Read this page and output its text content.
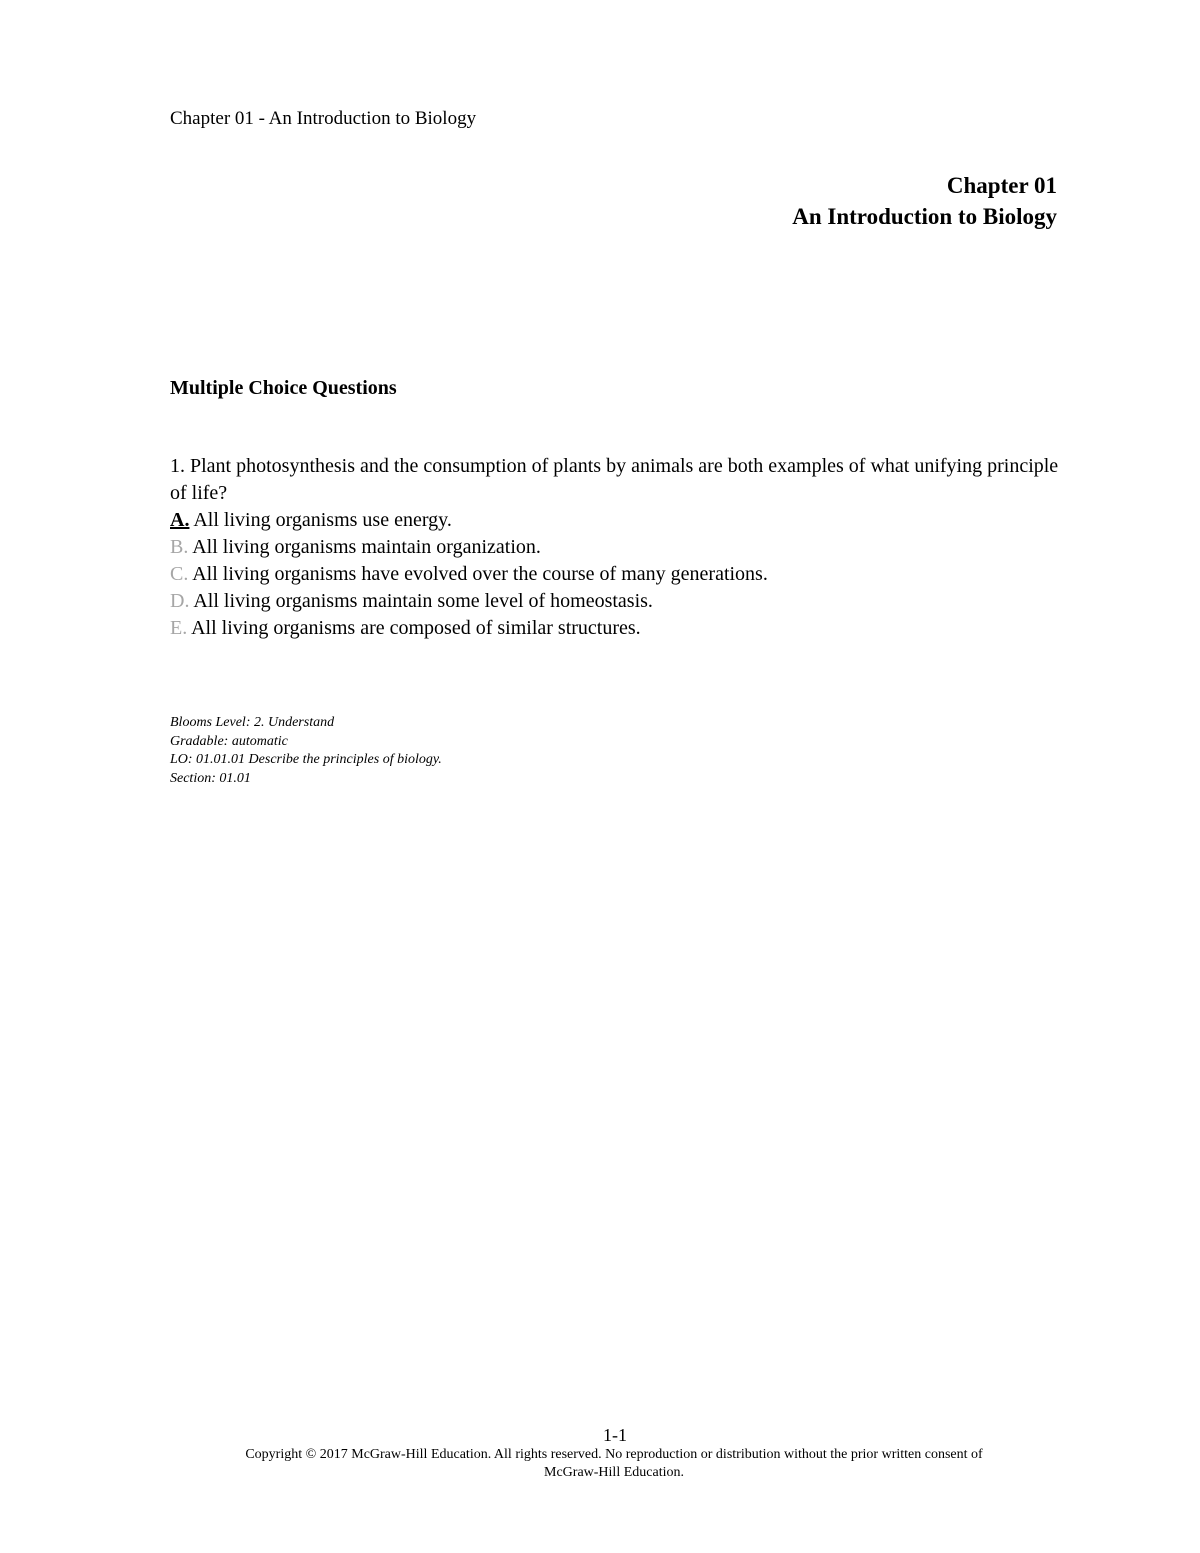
Chapter 01 - An Introduction to Biology
Chapter 01
An Introduction to Biology
Multiple Choice Questions

1. Plant photosynthesis and the consumption of plants by animals are both examples of what unifying principle of life?

A. All living organisms use energy.

B. All living organisms maintain organization.

C. All living organisms have evolved over the course of many generations.

D. All living organisms maintain some level of homeostasis.

E. All living organisms are composed of similar structures.

Blooms Level: 2. Understand
Gradable: automatic
LO: 01.01.01 Describe the principles of biology.
Section: 01.01
1-1
Copyright © 2017 McGraw-Hill Education. All rights reserved. No reproduction or distribution without the prior written consent of
McGraw-Hill Education.
